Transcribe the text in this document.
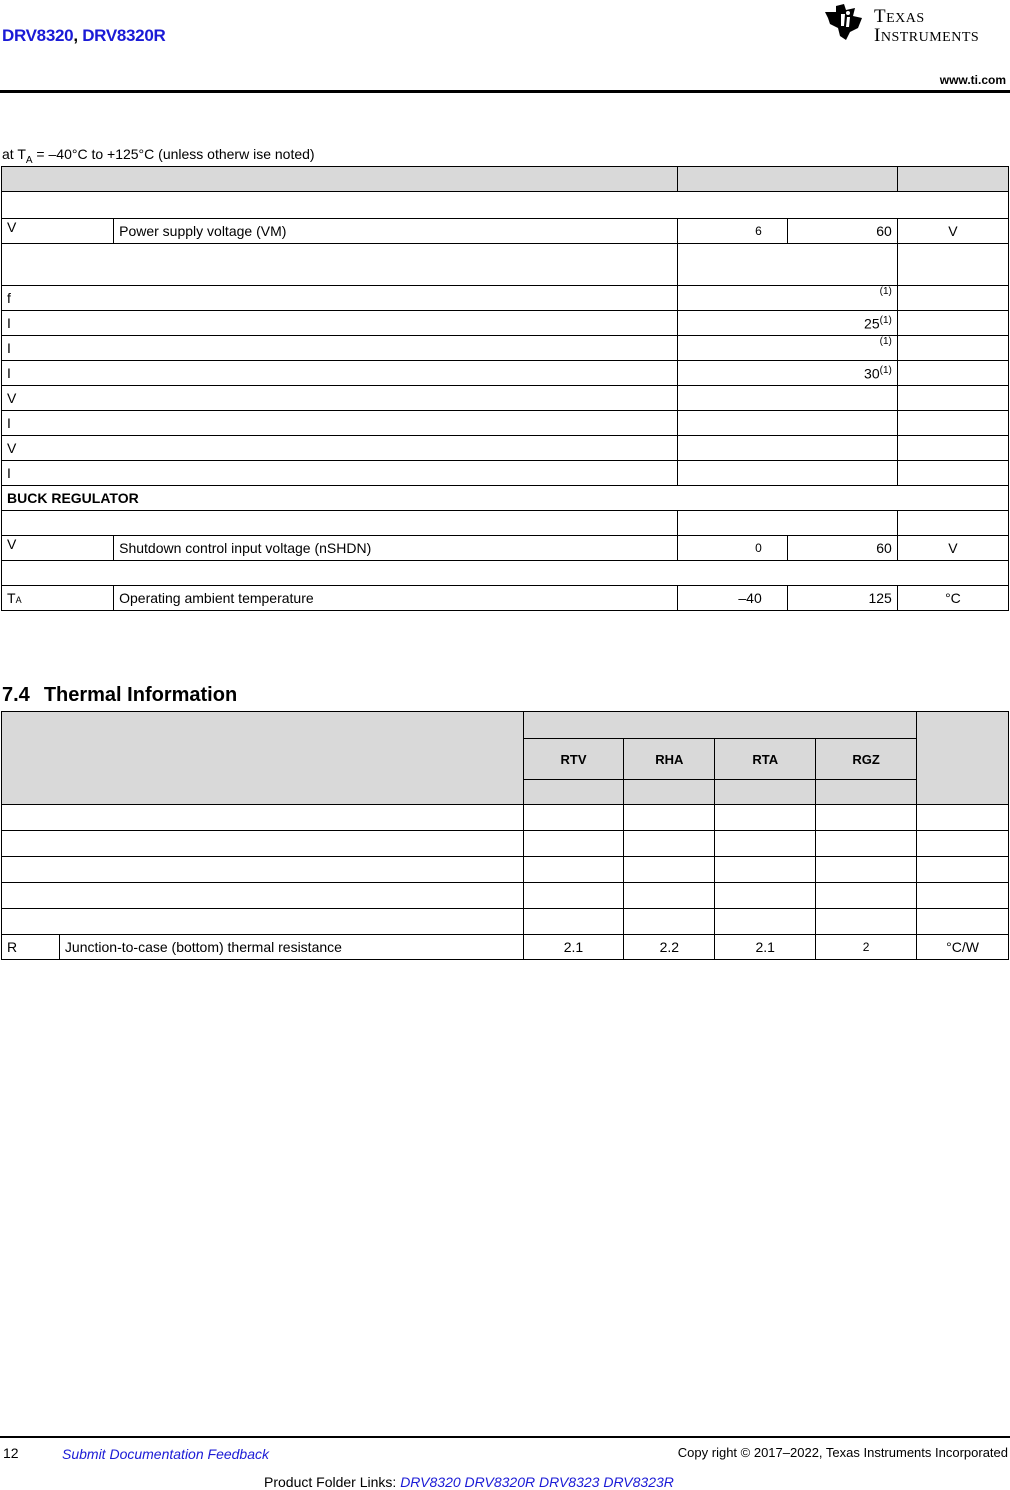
DRV8320, DRV8320R
TEXAS
INSTRUMENTS
www.ti.com
at $T_A = -40^\circ C$ to +125°C (unless otherw ise noted)

V	Power supply voltage (VM)	6	60	V

f		$^{(1)}$	
I		25$^{(1)}$	
I		$^{(1)}$	
I		30$^{(1)}$	
V				
I				
V				
I				
BUCK REGULATOR				

V	Shutdown control input voltage (nSHDN)	0	60	V

TA	Operating ambient temperature	–40	125	°C
7.4 Thermal Information

		RTV	RHA	RTA	RGZ	

R	Junction-to-case (bottom) thermal resistance	2.1	2.2	2.1	2	°C/W
12	Submit Documentation Feedback	Copy right © 2017–2022, Texas Instruments Incorporated
Product Folder Links: DRV8320 DRV8320R DRV8323 DRV8323R
